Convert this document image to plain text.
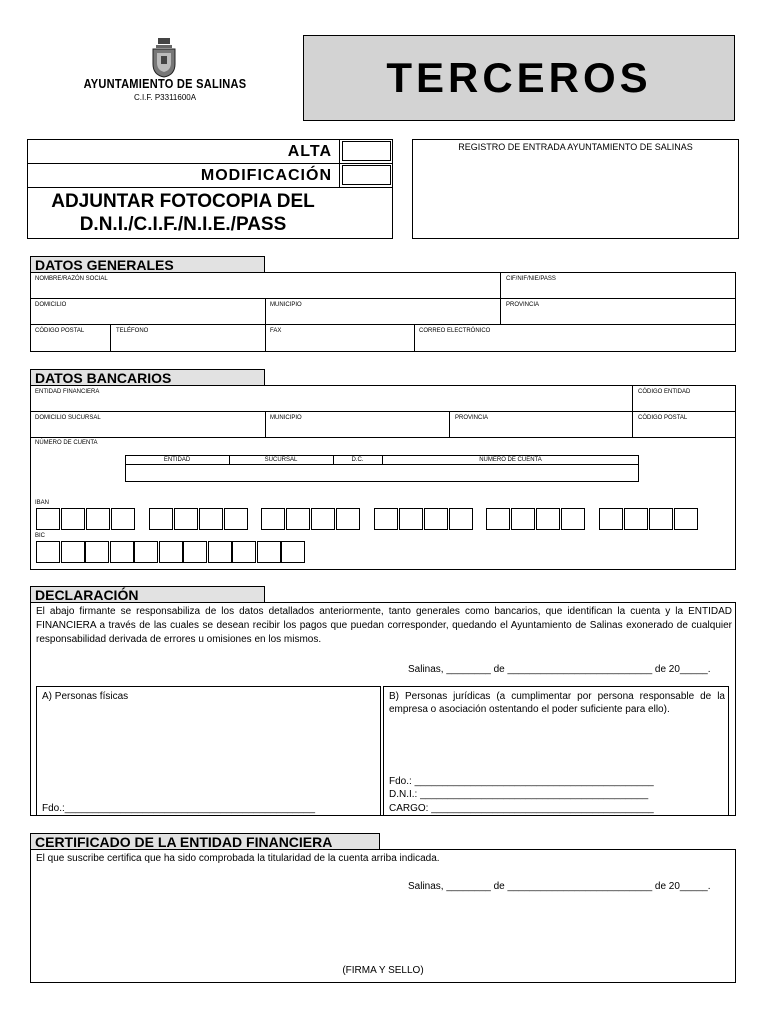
AYUNTAMIENTO DE SALINAS
C.I.F. P3311600A	TERCEROS
ALTA
MODIFICACIÓN
ADJUNTAR FOTOCOPIA DEL
D.N.I./C.I.F./N.I.E./PASS
REGISTRO DE ENTRADA AYUNTAMIENTO DE SALINAS
DATOS GENERALES
NOMBRE/RAZÓN SOCIAL	CIF/NIF/NIE/PASS
DOMICILIO	MUNICIPIO	PROVINCIA
CÓDIGO POSTAL	TELÉFONO	FAX	CORREO ELECTRÓNICO
DATOS BANCARIOS
ENTIDAD FINANCIERA	CÓDIGO ENTIDAD
DOMICILIO SUCURSAL	MUNICIPIO	PROVINCIA	CÓDIGO POSTAL
NÚMERO DE CUENTA
ENTIDAD	SUCURSAL	D.C.	NÚMERO DE CUENTA
IBAN
BIC
DECLARACIÓN
El abajo firmante se responsabiliza de los datos detallados anteriormente, tanto generales como bancarios, que identifican la cuenta y la ENTIDAD FINANCIERA a través de las cuales se desean recibir los pagos que puedan corresponder, quedando el Ayuntamiento de Salinas exonerado de cualquier responsabilidad derivada de errores u omisiones en los mismos.
Salinas, ________ de __________________________ de 20_____.
A) Personas físicas	B) Personas jurídicas (a cumplimentar por persona responsable de la empresa o asociación ostentando el poder suficiente para ello).
Fdo.:_____________________________________________
Fdo.: ___________________________________________
D.N.I.: _________________________________________
CARGO: ________________________________________
CERTIFICADO DE LA ENTIDAD FINANCIERA
El que suscribe certifica que ha sido comprobada la titularidad de la cuenta arriba indicada.
Salinas, ________ de __________________________ de 20_____.
(FIRMA Y SELLO)
